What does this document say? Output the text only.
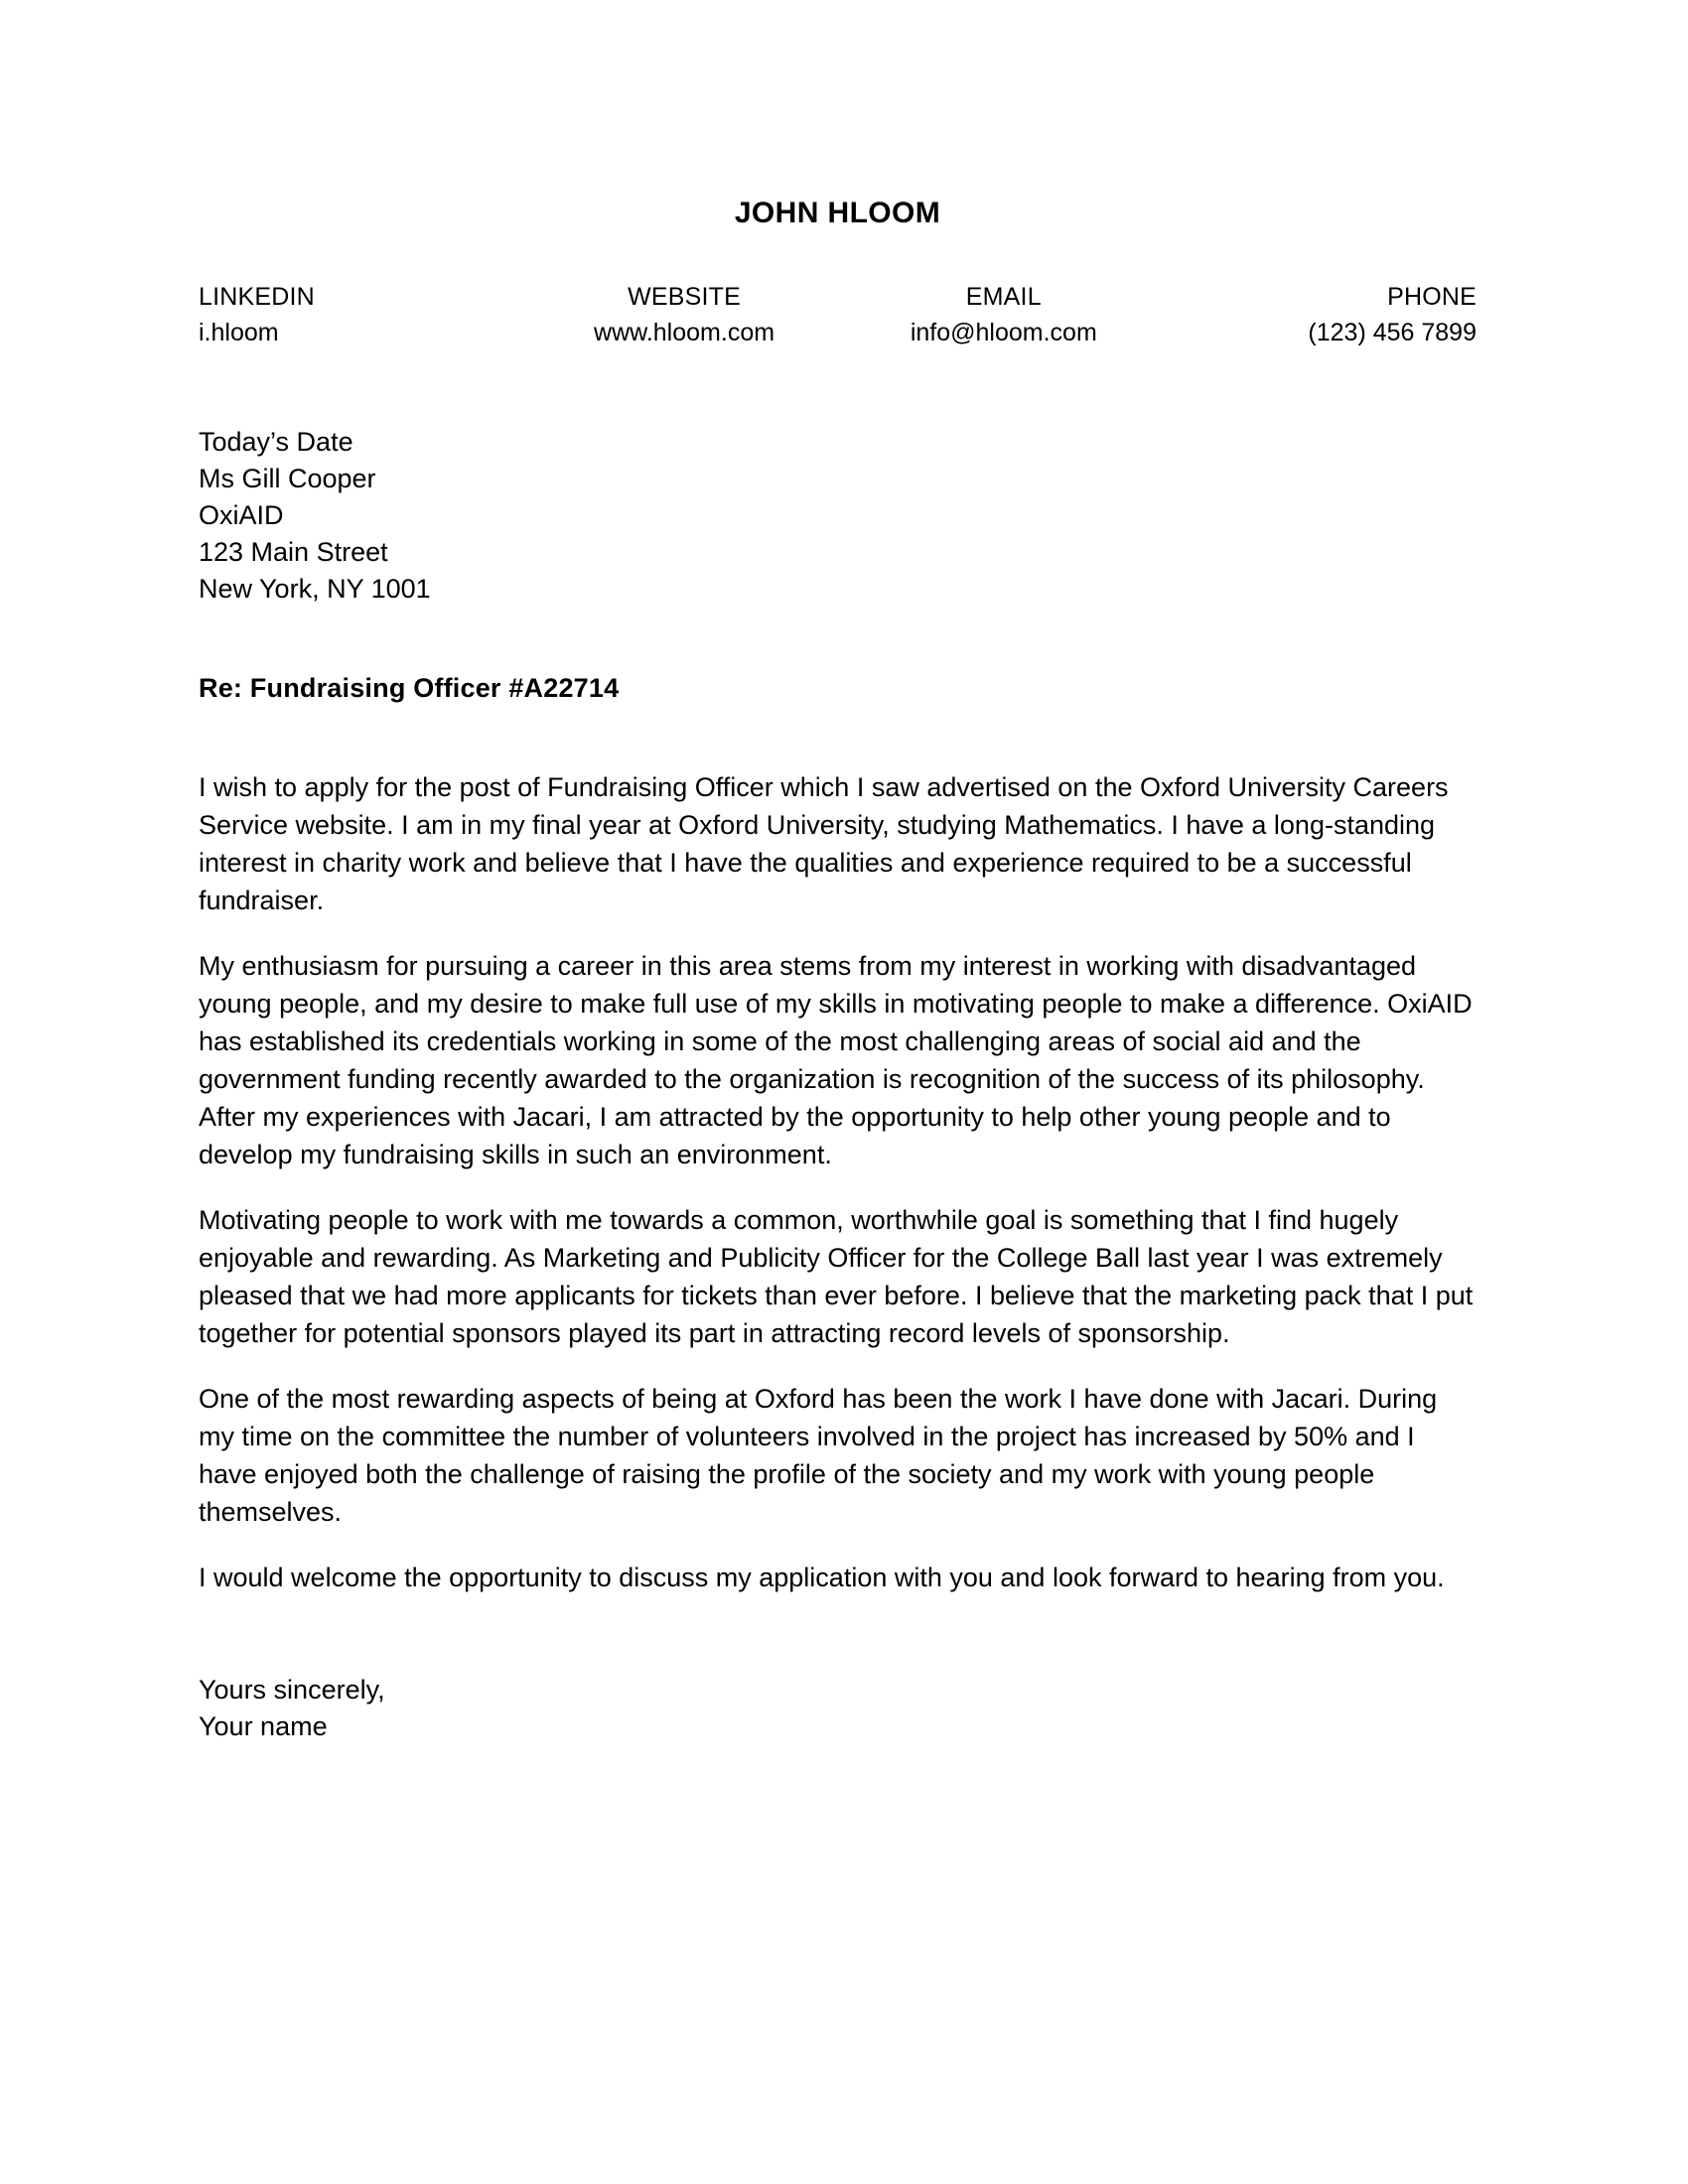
JOHN HLOOM
LINKEDIN
i.hloom
WEBSITE
www.hloom.com
EMAIL
info@hloom.com
PHONE
(123) 456 7899
Today’s Date
Ms Gill Cooper
OxiAID
123 Main Street
New York, NY 1001
Re: Fundraising Officer #A22714

I wish to apply for the post of Fundraising Officer which I saw advertised on the Oxford University Careers Service website. I am in my final year at Oxford University, studying Mathematics. I have a long-standing interest in charity work and believe that I have the qualities and experience required to be a successful fundraiser.

My enthusiasm for pursuing a career in this area stems from my interest in working with disadvantaged young people, and my desire to make full use of my skills in motivating people to make a difference. OxiAID has established its credentials working in some of the most challenging areas of social aid and the government funding recently awarded to the organization is recognition of the success of its philosophy. After my experiences with Jacari, I am attracted by the opportunity to help other young people and to develop my fundraising skills in such an environment.

Motivating people to work with me towards a common, worthwhile goal is something that I find hugely enjoyable and rewarding. As Marketing and Publicity Officer for the College Ball last year I was extremely pleased that we had more applicants for tickets than ever before. I believe that the marketing pack that I put together for potential sponsors played its part in attracting record levels of sponsorship.

One of the most rewarding aspects of being at Oxford has been the work I have done with Jacari. During my time on the committee the number of volunteers involved in the project has increased by 50% and I have enjoyed both the challenge of raising the profile of the society and my work with young people themselves.

I would welcome the opportunity to discuss my application with you and look forward to hearing from you.

Yours sincerely,
Your name
